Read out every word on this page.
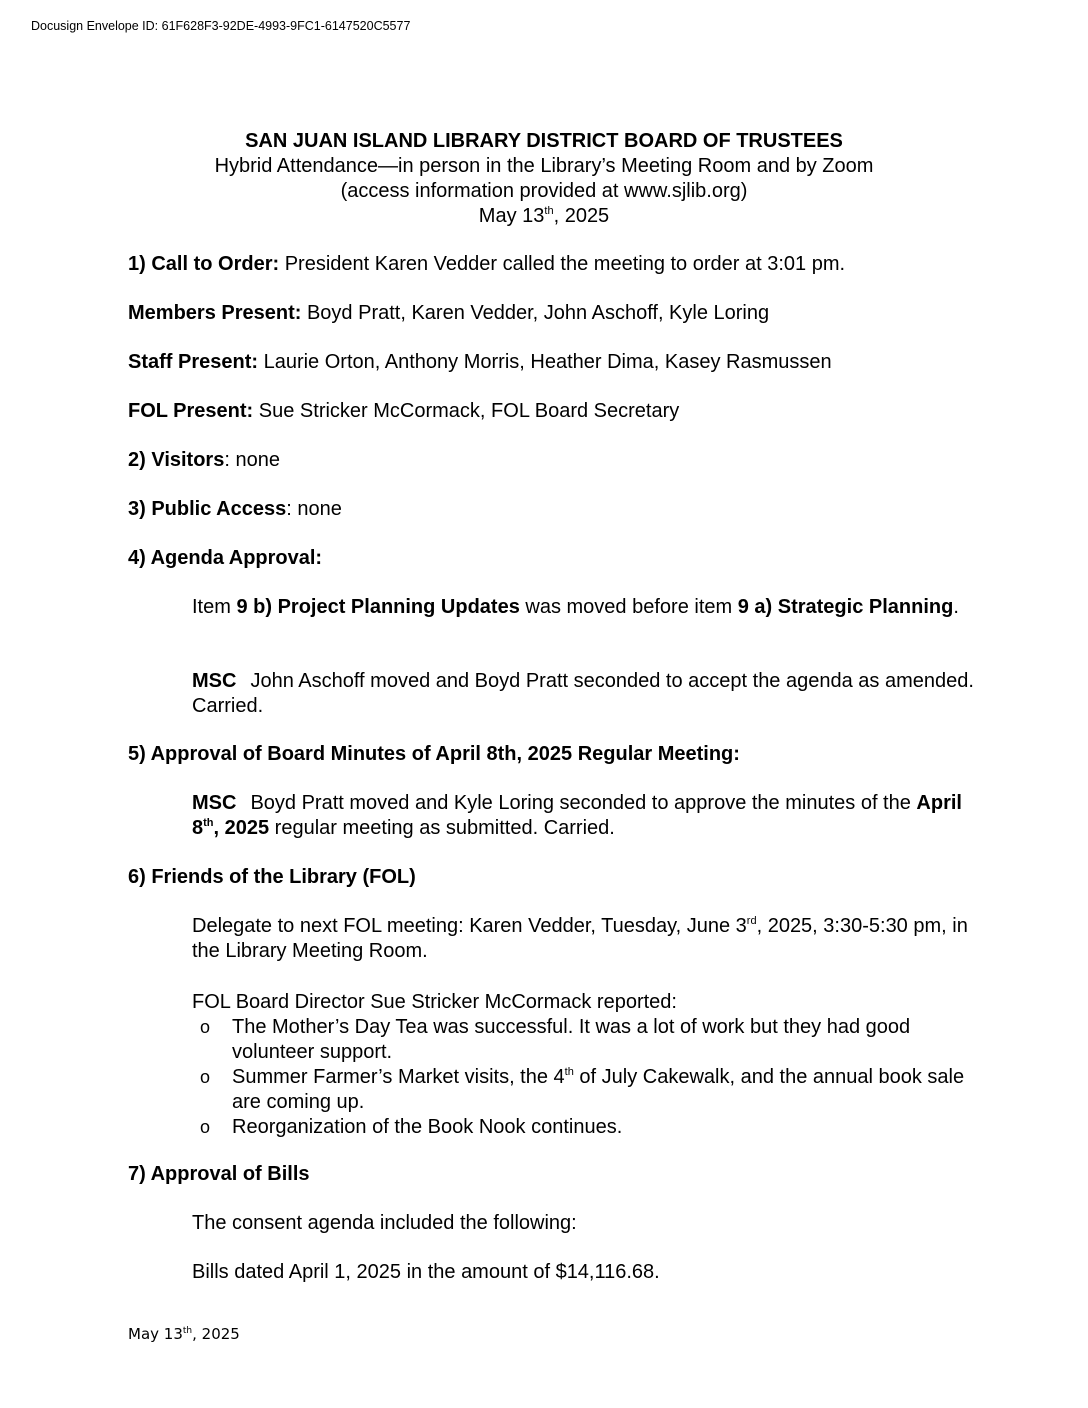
Docusign Envelope ID: 61F628F3-92DE-4993-9FC1-6147520C5577
SAN JUAN ISLAND LIBRARY DISTRICT BOARD OF TRUSTEES
Hybrid Attendance—in person in the Library’s Meeting Room and by Zoom
(access information provided at www.sjlib.org)
May 13th, 2025
1) Call to Order: President Karen Vedder called the meeting to order at 3:01 pm.
Members Present: Boyd Pratt, Karen Vedder, John Aschoff, Kyle Loring
Staff Present: Laurie Orton, Anthony Morris, Heather Dima, Kasey Rasmussen
FOL Present: Sue Stricker McCormack, FOL Board Secretary
2) Visitors: none
3) Public Access: none
4) Agenda Approval:
Item 9 b) Project Planning Updates was moved before item 9 a) Strategic Planning.
MSC John Aschoff moved and Boyd Pratt seconded to accept the agenda as amended. Carried.
5) Approval of Board Minutes of April 8th, 2025 Regular Meeting:
MSC Boyd Pratt moved and Kyle Loring seconded to approve the minutes of the April 8th, 2025 regular meeting as submitted. Carried.
6) Friends of the Library (FOL)
Delegate to next FOL meeting: Karen Vedder, Tuesday, June 3rd, 2025, 3:30-5:30 pm, in the Library Meeting Room.
FOL Board Director Sue Stricker McCormack reported:
o The Mother’s Day Tea was successful. It was a lot of work but they had good volunteer support.
o Summer Farmer’s Market visits, the 4th of July Cakewalk, and the annual book sale are coming up.
o Reorganization of the Book Nook continues.
7) Approval of Bills
The consent agenda included the following:
Bills dated April 1, 2025 in the amount of $14,116.68.
May 13th, 2025
